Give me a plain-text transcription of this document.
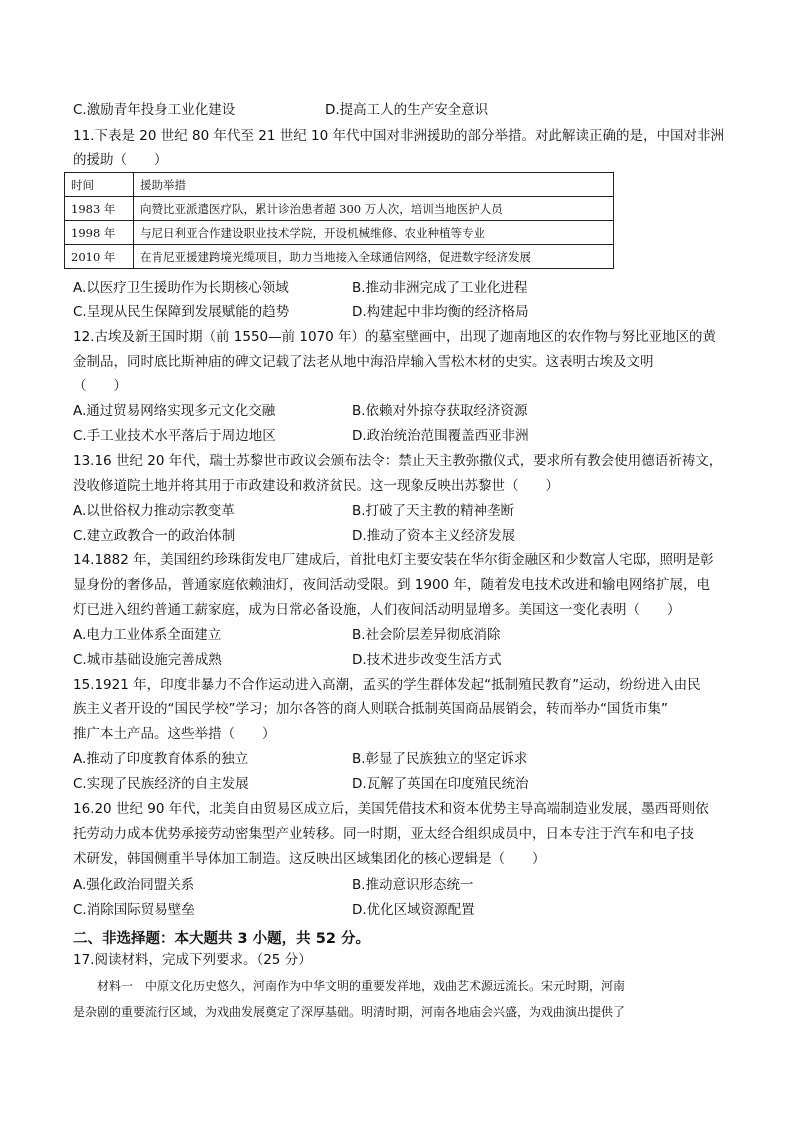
C.激励青年投身工业化建设	D.提高工人的生产安全意识
11.下表是 20 世纪 80 年代至 21 世纪 10 年代中国对非洲援助的部分举措。对此解读正确的是，中国对非洲
的援助（　　）
时间	援助举措
1983 年	向赞比亚派遣医疗队，累计诊治患者超 300 万人次，培训当地医护人员
1998 年	与尼日利亚合作建设职业技术学院，开设机械维修、农业种植等专业
2010 年	在肯尼亚援建跨境光缆项目，助力当地接入全球通信网络，促进数字经济发展
A.以医疗卫生援助作为长期核心领域	B.推动非洲完成了工业化进程
C.呈现从民生保障到发展赋能的趋势	D.构建起中非均衡的经济格局
12.古埃及新王国时期（前 1550—前 1070 年）的墓室壁画中，出现了迦南地区的农作物与努比亚地区的黄
金制品，同时底比斯神庙的碑文记载了法老从地中海沿岸输入雪松木材的史实。这表明古埃及文明
（　　）
A.通过贸易网络实现多元文化交融	B.依赖对外掠夺获取经济资源
C.手工业技术水平落后于周边地区	D.政治统治范围覆盖西亚非洲
13.16 世纪 20 年代，瑞士苏黎世市政议会颁布法令：禁止天主教弥撒仪式，要求所有教会使用德语祈祷文，
没收修道院土地并将其用于市政建设和救济贫民。这一现象反映出苏黎世（　　）
A.以世俗权力推动宗教变革	B.打破了天主教的精神垄断
C.建立政教合一的政治体制	D.推动了资本主义经济发展
14.1882 年，美国纽约珍珠街发电厂建成后，首批电灯主要安装在华尔街金融区和少数富人宅邸，照明是彰
显身份的奢侈品，普通家庭依赖油灯，夜间活动受限。到 1900 年，随着发电技术改进和输电网络扩展，电
灯已进入纽约普通工薪家庭，成为日常必备设施，人们夜间活动明显增多。美国这一变化表明（　　）
A.电力工业体系全面建立	B.社会阶层差异彻底消除
C.城市基础设施完善成熟	D.技术进步改变生活方式
15.1921 年，印度非暴力不合作运动进入高潮，孟买的学生群体发起“抵制殖民教育”运动，纷纷进入由民
族主义者开设的“国民学校”学习；加尔各答的商人则联合抵制英国商品展销会，转而举办“国货市集”
推广本土产品。这些举措（　　）
A.推动了印度教育体系的独立	B.彰显了民族独立的坚定诉求
C.实现了民族经济的自主发展	D.瓦解了英国在印度殖民统治
16.20 世纪 90 年代，北美自由贸易区成立后，美国凭借技术和资本优势主导高端制造业发展，墨西哥则依
托劳动力成本优势承接劳动密集型产业转移。同一时期，亚太经合组织成员中，日本专注于汽车和电子技
术研发，韩国侧重半导体加工制造。这反映出区域集团化的核心逻辑是（　　）
A.强化政治同盟关系	B.推动意识形态统一
C.消除国际贸易壁垒	D.优化区域资源配置
二、非选择题：本大题共 3 小题，共 52 分。
17.阅读材料，完成下列要求。（25 分）
　　材料一　中原文化历史悠久，河南作为中华文明的重要发祥地，戏曲艺术源远流长。宋元时期，河南
是杂剧的重要流行区域，为戏曲发展奠定了深厚基础。明清时期，河南各地庙会兴盛，为戏曲演出提供了
